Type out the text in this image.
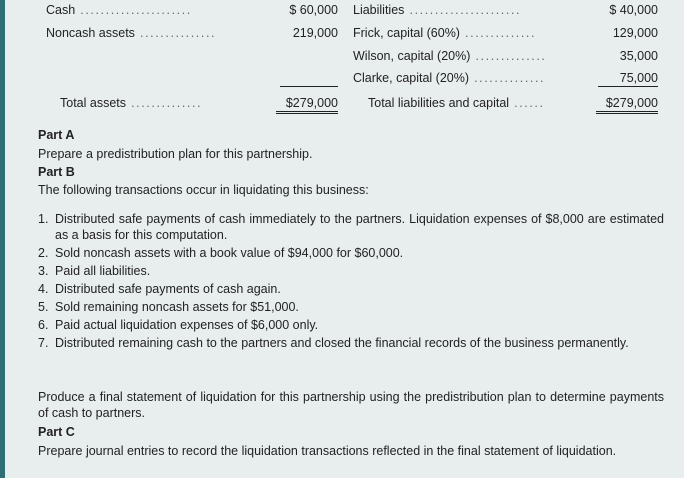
Cash ......................	$ 60,000
Noncash assets ...............	219,000
Total assets ..............	$279,000
Liabilities ......................	$ 40,000
Frick, capital (60%) ..............	129,000
Wilson, capital (20%) ..............	35,000
Clarke, capital (20%) ..............	75,000
Total liabilities and capital ......	$279,000
Part A
Prepare a predistribution plan for this partnership.
Part B
The following transactions occur in liquidating this business:
1. Distributed safe payments of cash immediately to the partners. Liquidation expenses of $8,000 are estimated as a basis for this computation.
2. Sold noncash assets with a book value of $94,000 for $60,000.
3. Paid all liabilities.
4. Distributed safe payments of cash again.
5. Sold remaining noncash assets for $51,000.
6. Paid actual liquidation expenses of $6,000 only.
7. Distributed remaining cash to the partners and closed the financial records of the business permanently.
Produce a final statement of liquidation for this partnership using the predistribution plan to determine payments of cash to partners.
Part C
Prepare journal entries to record the liquidation transactions reflected in the final statement of liquidation.
